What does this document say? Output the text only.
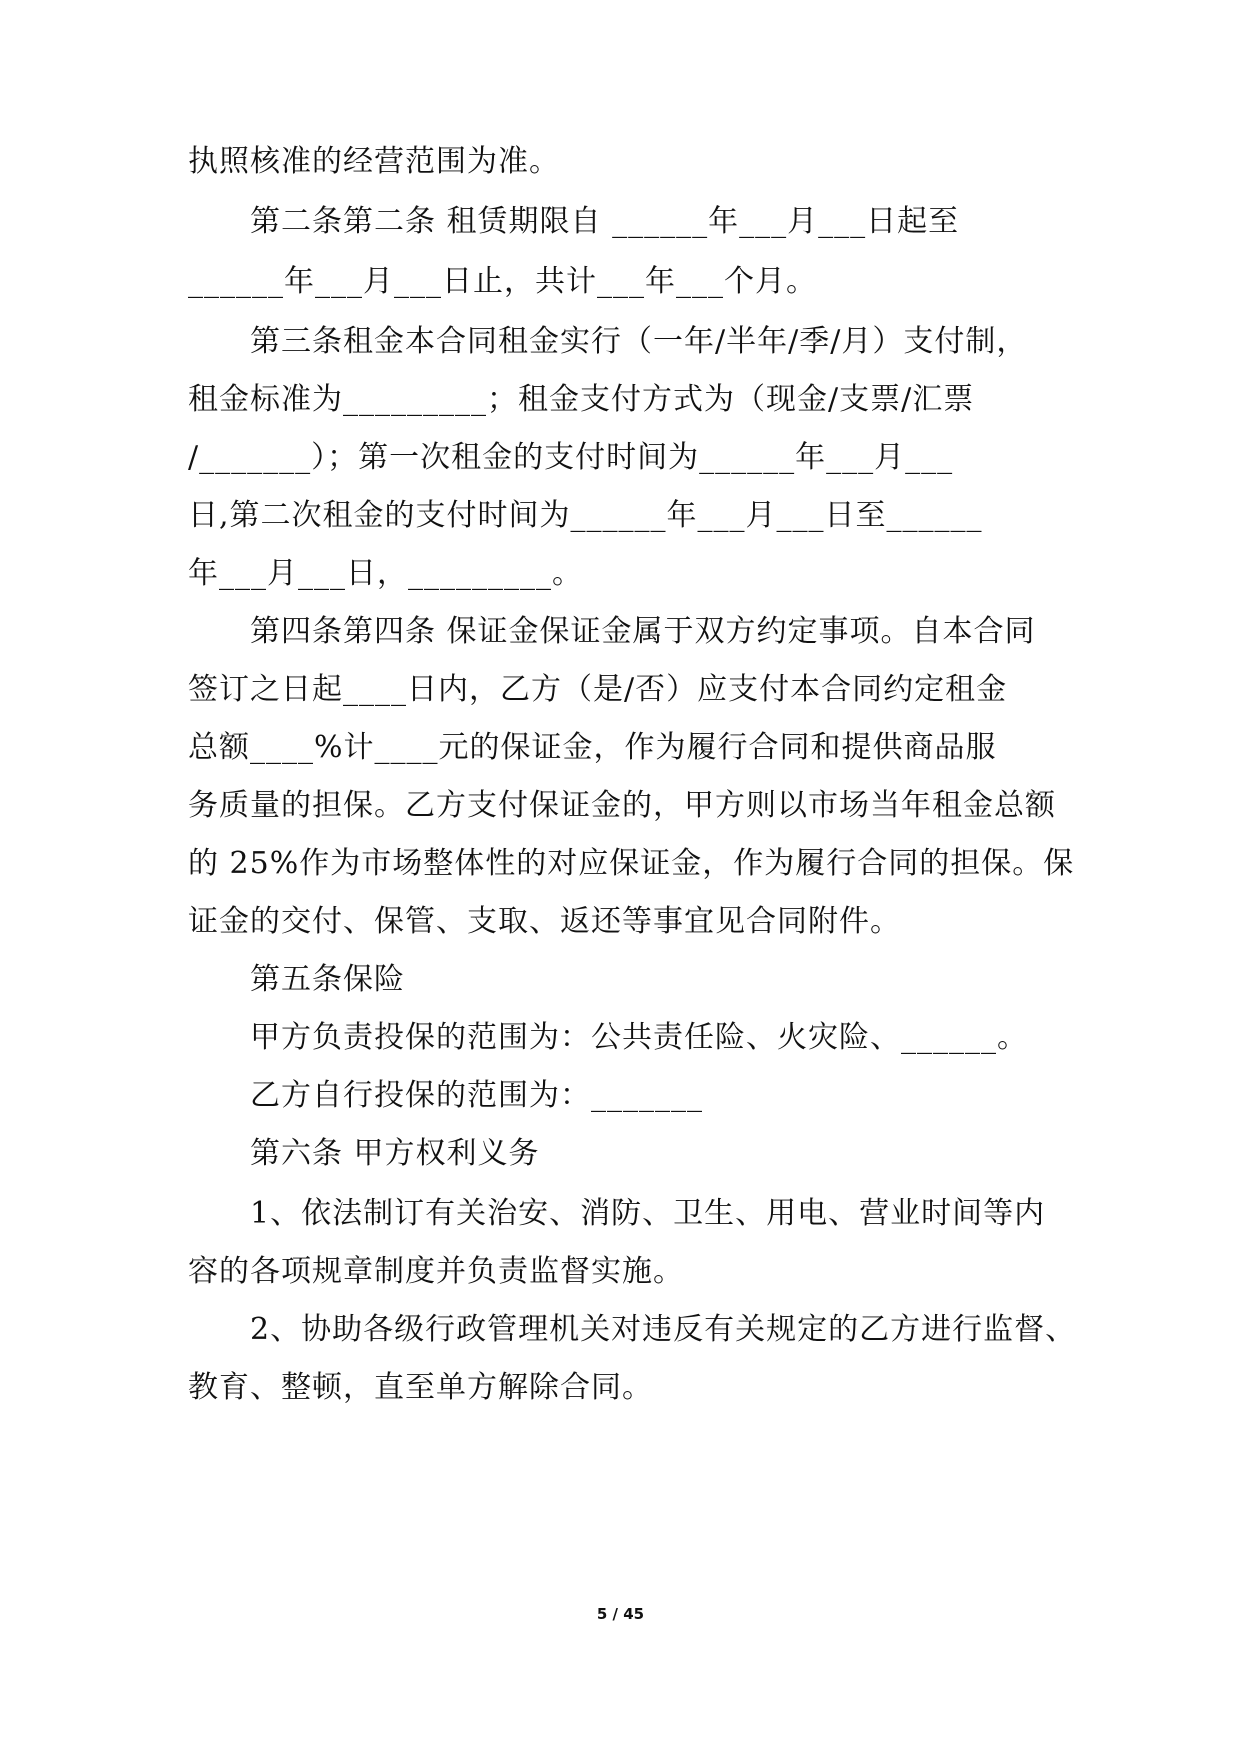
执照核准的经营范围为准。
第二条第二条 租赁期限自 ______年___月___日起至
______年___月___日止，共计___年___个月。
第三条租金本合同租金实行（一年/半年/季/月）支付制，
租金标准为_________；租金支付方式为（现金/支票/汇票
/_______）；第一次租金的支付时间为______年___月___
日,第二次租金的支付时间为______年___月___日至______
年___月___日，_________。
第四条第四条 保证金保证金属于双方约定事项。自本合同
签订之日起____日内，乙方（是/否）应支付本合同约定租金
总额____%计____元的保证金，作为履行合同和提供商品服
务质量的担保。乙方支付保证金的，甲方则以市场当年租金总额
的 25%作为市场整体性的对应保证金，作为履行合同的担保。保
证金的交付、保管、支取、返还等事宜见合同附件。
第五条保险
甲方负责投保的范围为：公共责任险、火灾险、______。
乙方自行投保的范围为：_______
第六条 甲方权利义务
1、依法制订有关治安、消防、卫生、用电、营业时间等内
容的各项规章制度并负责监督实施。
2、协助各级行政管理机关对违反有关规定的乙方进行监督、
教育、整顿，直至单方解除合同。
5 / 45
